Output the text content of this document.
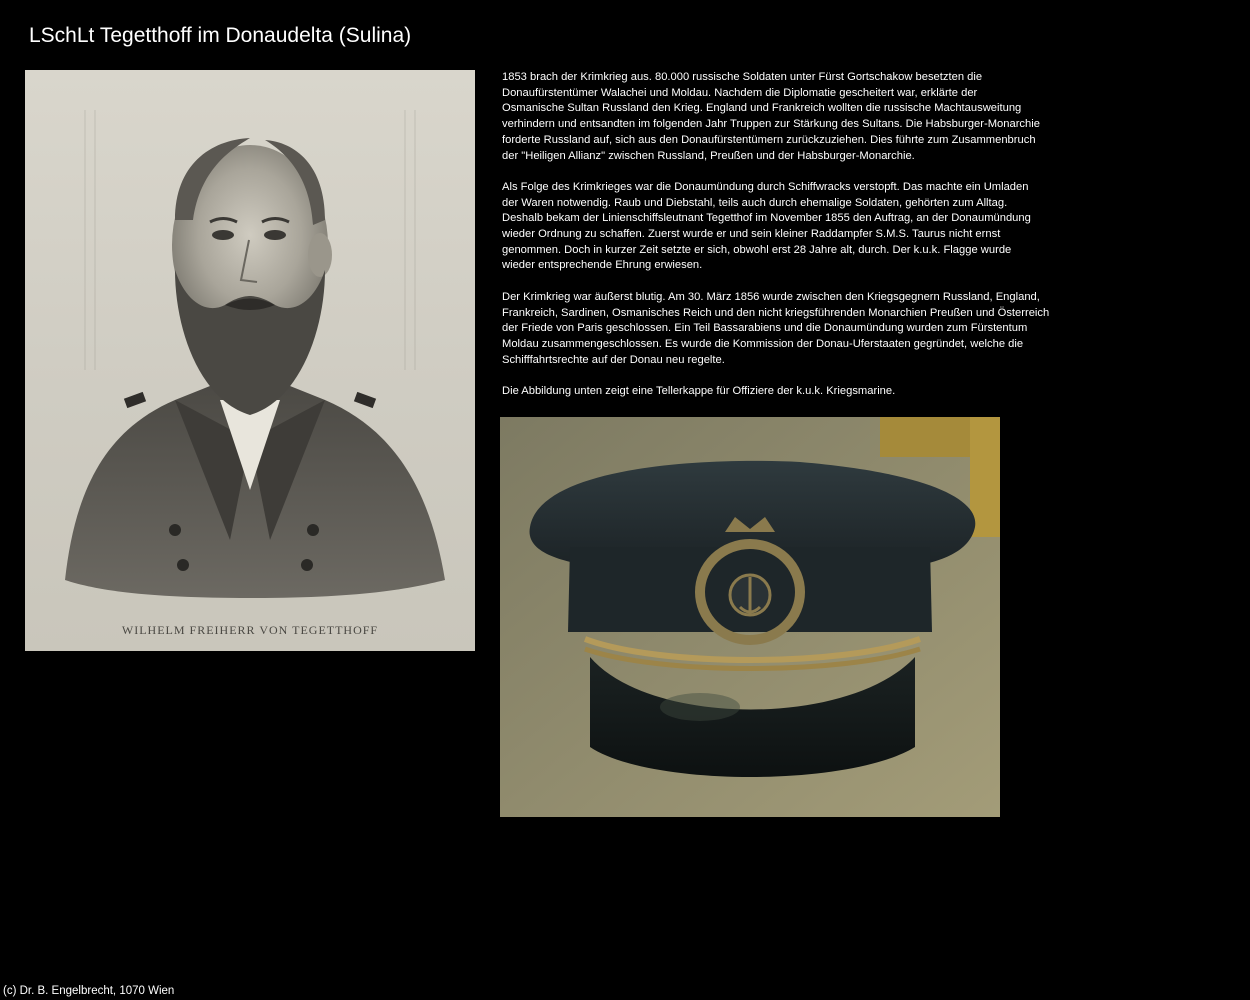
LSchLt Tegetthoff im Donaudelta (Sulina)
WILHELM FREIHERR VON TEGETTHOFF

1853 brach der Krimkrieg aus. 80.000 russische Soldaten unter Fürst Gortschakow besetzten die
Donaufürstentümer Walachei und Moldau. Nachdem die Diplomatie gescheitert war, erklärte der
Osmanische Sultan Russland den Krieg. England und Frankreich wollten die russische Machtausweitung
verhindern und entsandten im folgenden Jahr Truppen zur Stärkung des Sultans. Die Habsburger-Monarchie
forderte Russland auf, sich aus den Donaufürstentümern zurückzuziehen. Dies führte zum Zusammenbruch
der "Heiligen Allianz" zwischen Russland, Preußen und der Habsburger-Monarchie.

Als Folge des Krimkrieges war die Donaumündung durch Schiffwracks verstopft. Das machte ein Umladen
der Waren notwendig. Raub und Diebstahl, teils auch durch ehemalige Soldaten, gehörten zum Alltag.
Deshalb bekam der Linienschiffsleutnant Tegetthof im November 1855 den Auftrag, an der Donaumündung
wieder Ordnung zu schaffen. Zuerst wurde er und sein kleiner Raddampfer S.M.S. Taurus nicht ernst
genommen. Doch in kurzer Zeit setzte er sich, obwohl erst 28 Jahre alt, durch. Der k.u.k. Flagge wurde
wieder entsprechende Ehrung erwiesen.

Der Krimkrieg war äußerst blutig. Am 30. März 1856 wurde zwischen den Kriegsgegnern Russland, England,
Frankreich, Sardinen, Osmanisches Reich und den nicht kriegsführenden Monarchien Preußen und Österreich
der Friede von Paris geschlossen. Ein Teil Bassarabiens und die Donaumündung wurden zum Fürstentum
Moldau zusammengeschlossen. Es wurde die Kommission der Donau-Uferstaaten gegründet, welche die
Schifffahrtsrechte auf der Donau neu regelte.

Die Abbildung unten zeigt eine Tellerkappe für Offiziere der k.u.k. Kriegsmarine.

(c) Dr. B. Engelbrecht, 1070 Wien
